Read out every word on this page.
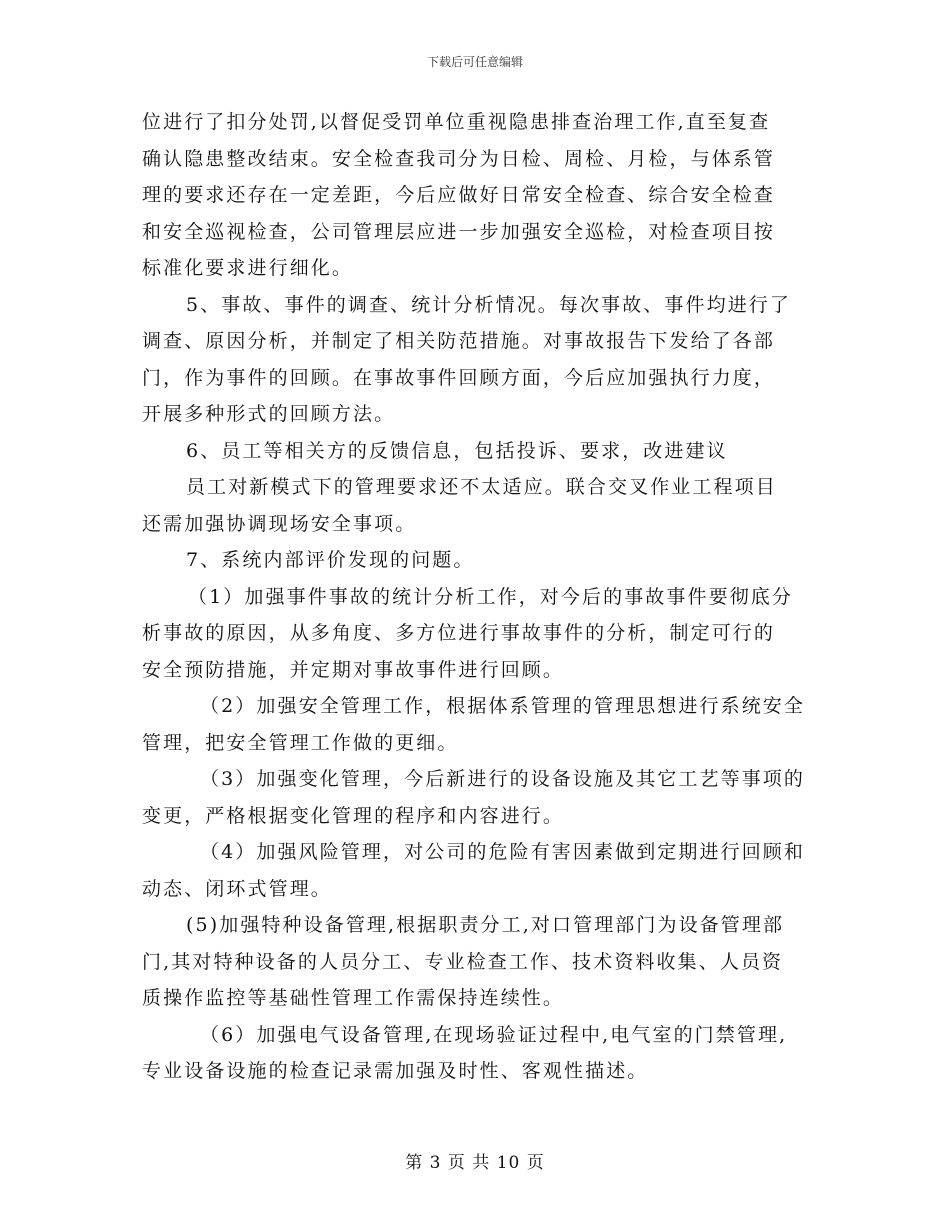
下载后可任意编辑
位进行了扣分处罚,以督促受罚单位重视隐患排查治理工作,直至复查
确认隐患整改结束。安全检查我司分为日检、周检、月检，与体系管
理的要求还存在一定差距，今后应做好日常安全检查、综合安全检查
和安全巡视检查，公司管理层应进一步加强安全巡检，对检查项目按
标准化要求进行细化。
5、事故、事件的调查、统计分析情况。每次事故、事件均进行了
调查、原因分析，并制定了相关防范措施。对事故报告下发给了各部
门，作为事件的回顾。在事故事件回顾方面，今后应加强执行力度，
开展多种形式的回顾方法。
6、员工等相关方的反馈信息，包括投诉、要求，改进建议
员工对新模式下的管理要求还不太适应。联合交叉作业工程项目
还需加强协调现场安全事项。
7、系统内部评价发现的问题。
（1）加强事件事故的统计分析工作，对今后的事故事件要彻底分
析事故的原因，从多角度、多方位进行事故事件的分析，制定可行的
安全预防措施，并定期对事故事件进行回顾。
（2）加强安全管理工作，根据体系管理的管理思想进行系统安全
管理，把安全管理工作做的更细。
（3）加强变化管理，今后新进行的设备设施及其它工艺等事项的
变更，严格根据变化管理的程序和内容进行。
（4）加强风险管理，对公司的危险有害因素做到定期进行回顾和
动态、闭环式管理。
(5)加强特种设备管理,根据职责分工,对口管理部门为设备管理部
门,其对特种设备的人员分工、专业检查工作、技术资料收集、人员资
质操作监控等基础性管理工作需保持连续性。
（6）加强电气设备管理,在现场验证过程中,电气室的门禁管理,
专业设备设施的检查记录需加强及时性、客观性描述。
第 3 页 共 10 页
